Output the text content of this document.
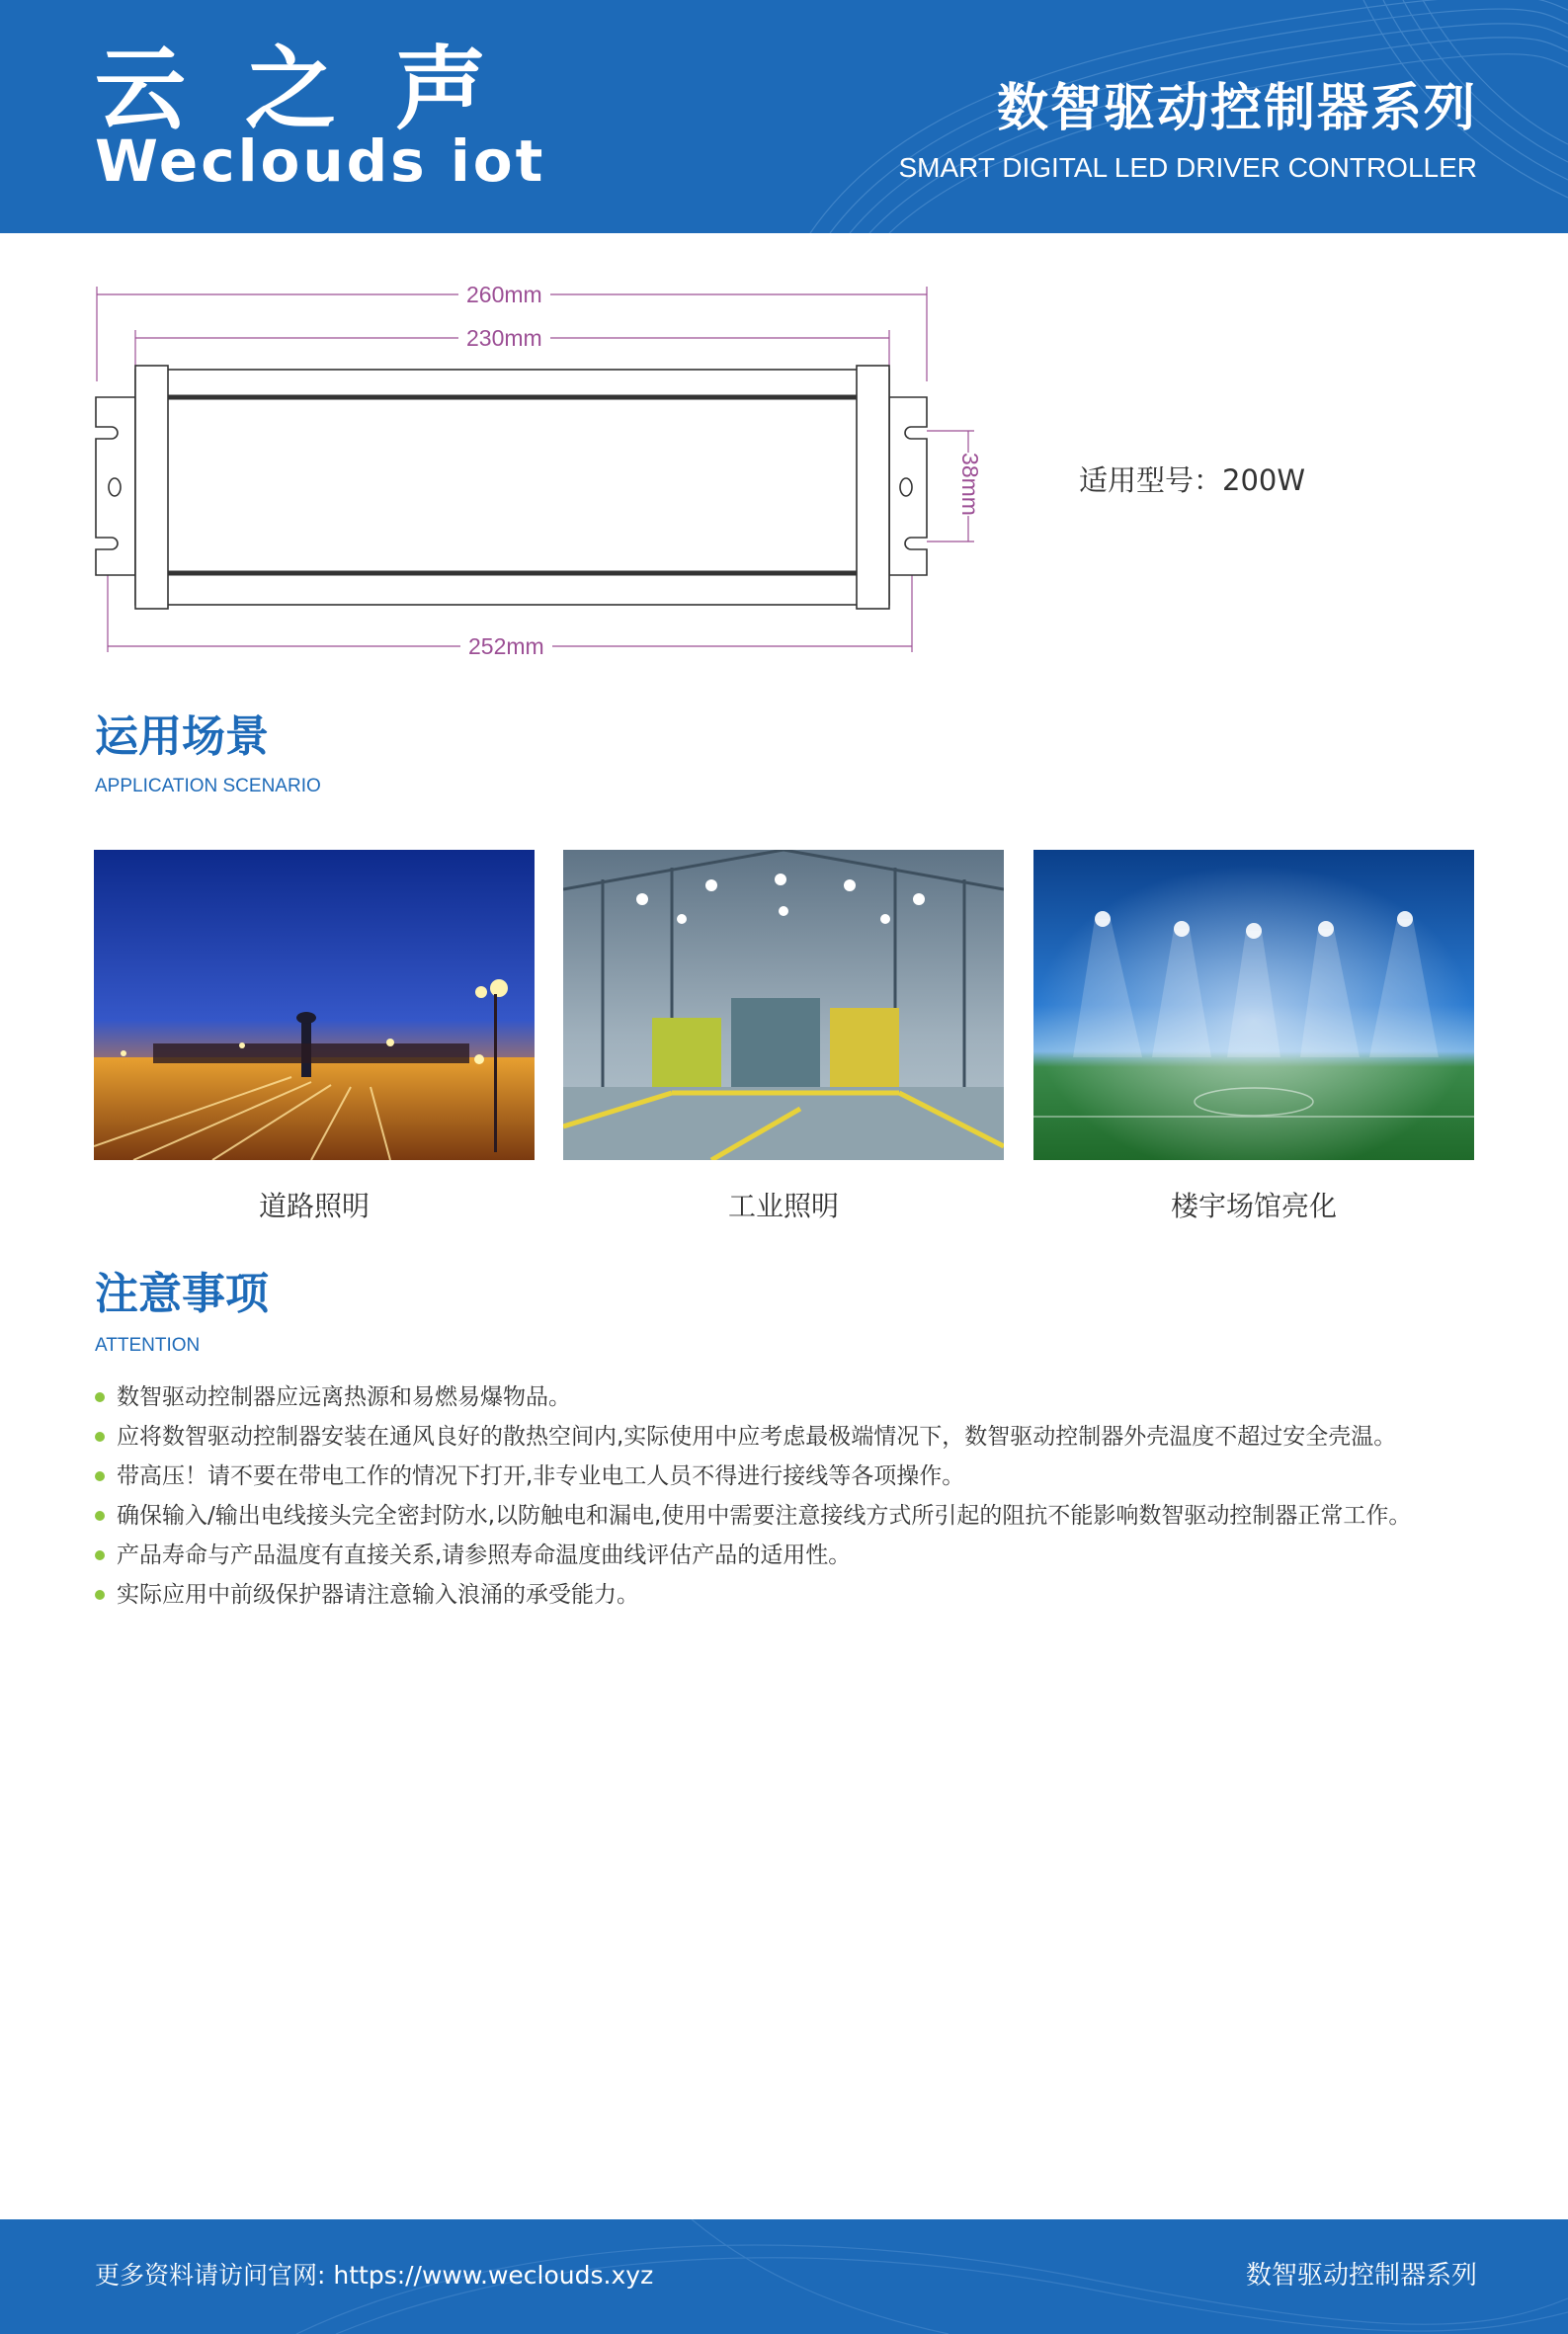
云之声
Weclouds iot
数智驱动控制器系列
SMART DIGITAL LED DRIVER CONTROLLER
260mm
230mm
252mm
38mm	适用型号：200W
运用场景
APPLICATION SCENARIO
道路照明	工业照明	楼宇场馆亮化
注意事项
ATTENTION
数智驱动控制器应远离热源和易燃易爆物品。
应将数智驱动控制器安装在通风良好的散热空间内,实际使用中应考虑最极端情况下，数智驱动控制器外壳温度不超过安全壳温。
带高压！请不要在带电工作的情况下打开,非专业电工人员不得进行接线等各项操作。
确保输入/输出电线接头完全密封防水,以防触电和漏电,使用中需要注意接线方式所引起的阻抗不能影响数智驱动控制器正常工作。
产品寿命与产品温度有直接关系,请参照寿命温度曲线评估产品的适用性。
实际应用中前级保护器请注意输入浪涌的承受能力。
更多资料请访问官网: https://www.weclouds.xyz	数智驱动控制器系列
